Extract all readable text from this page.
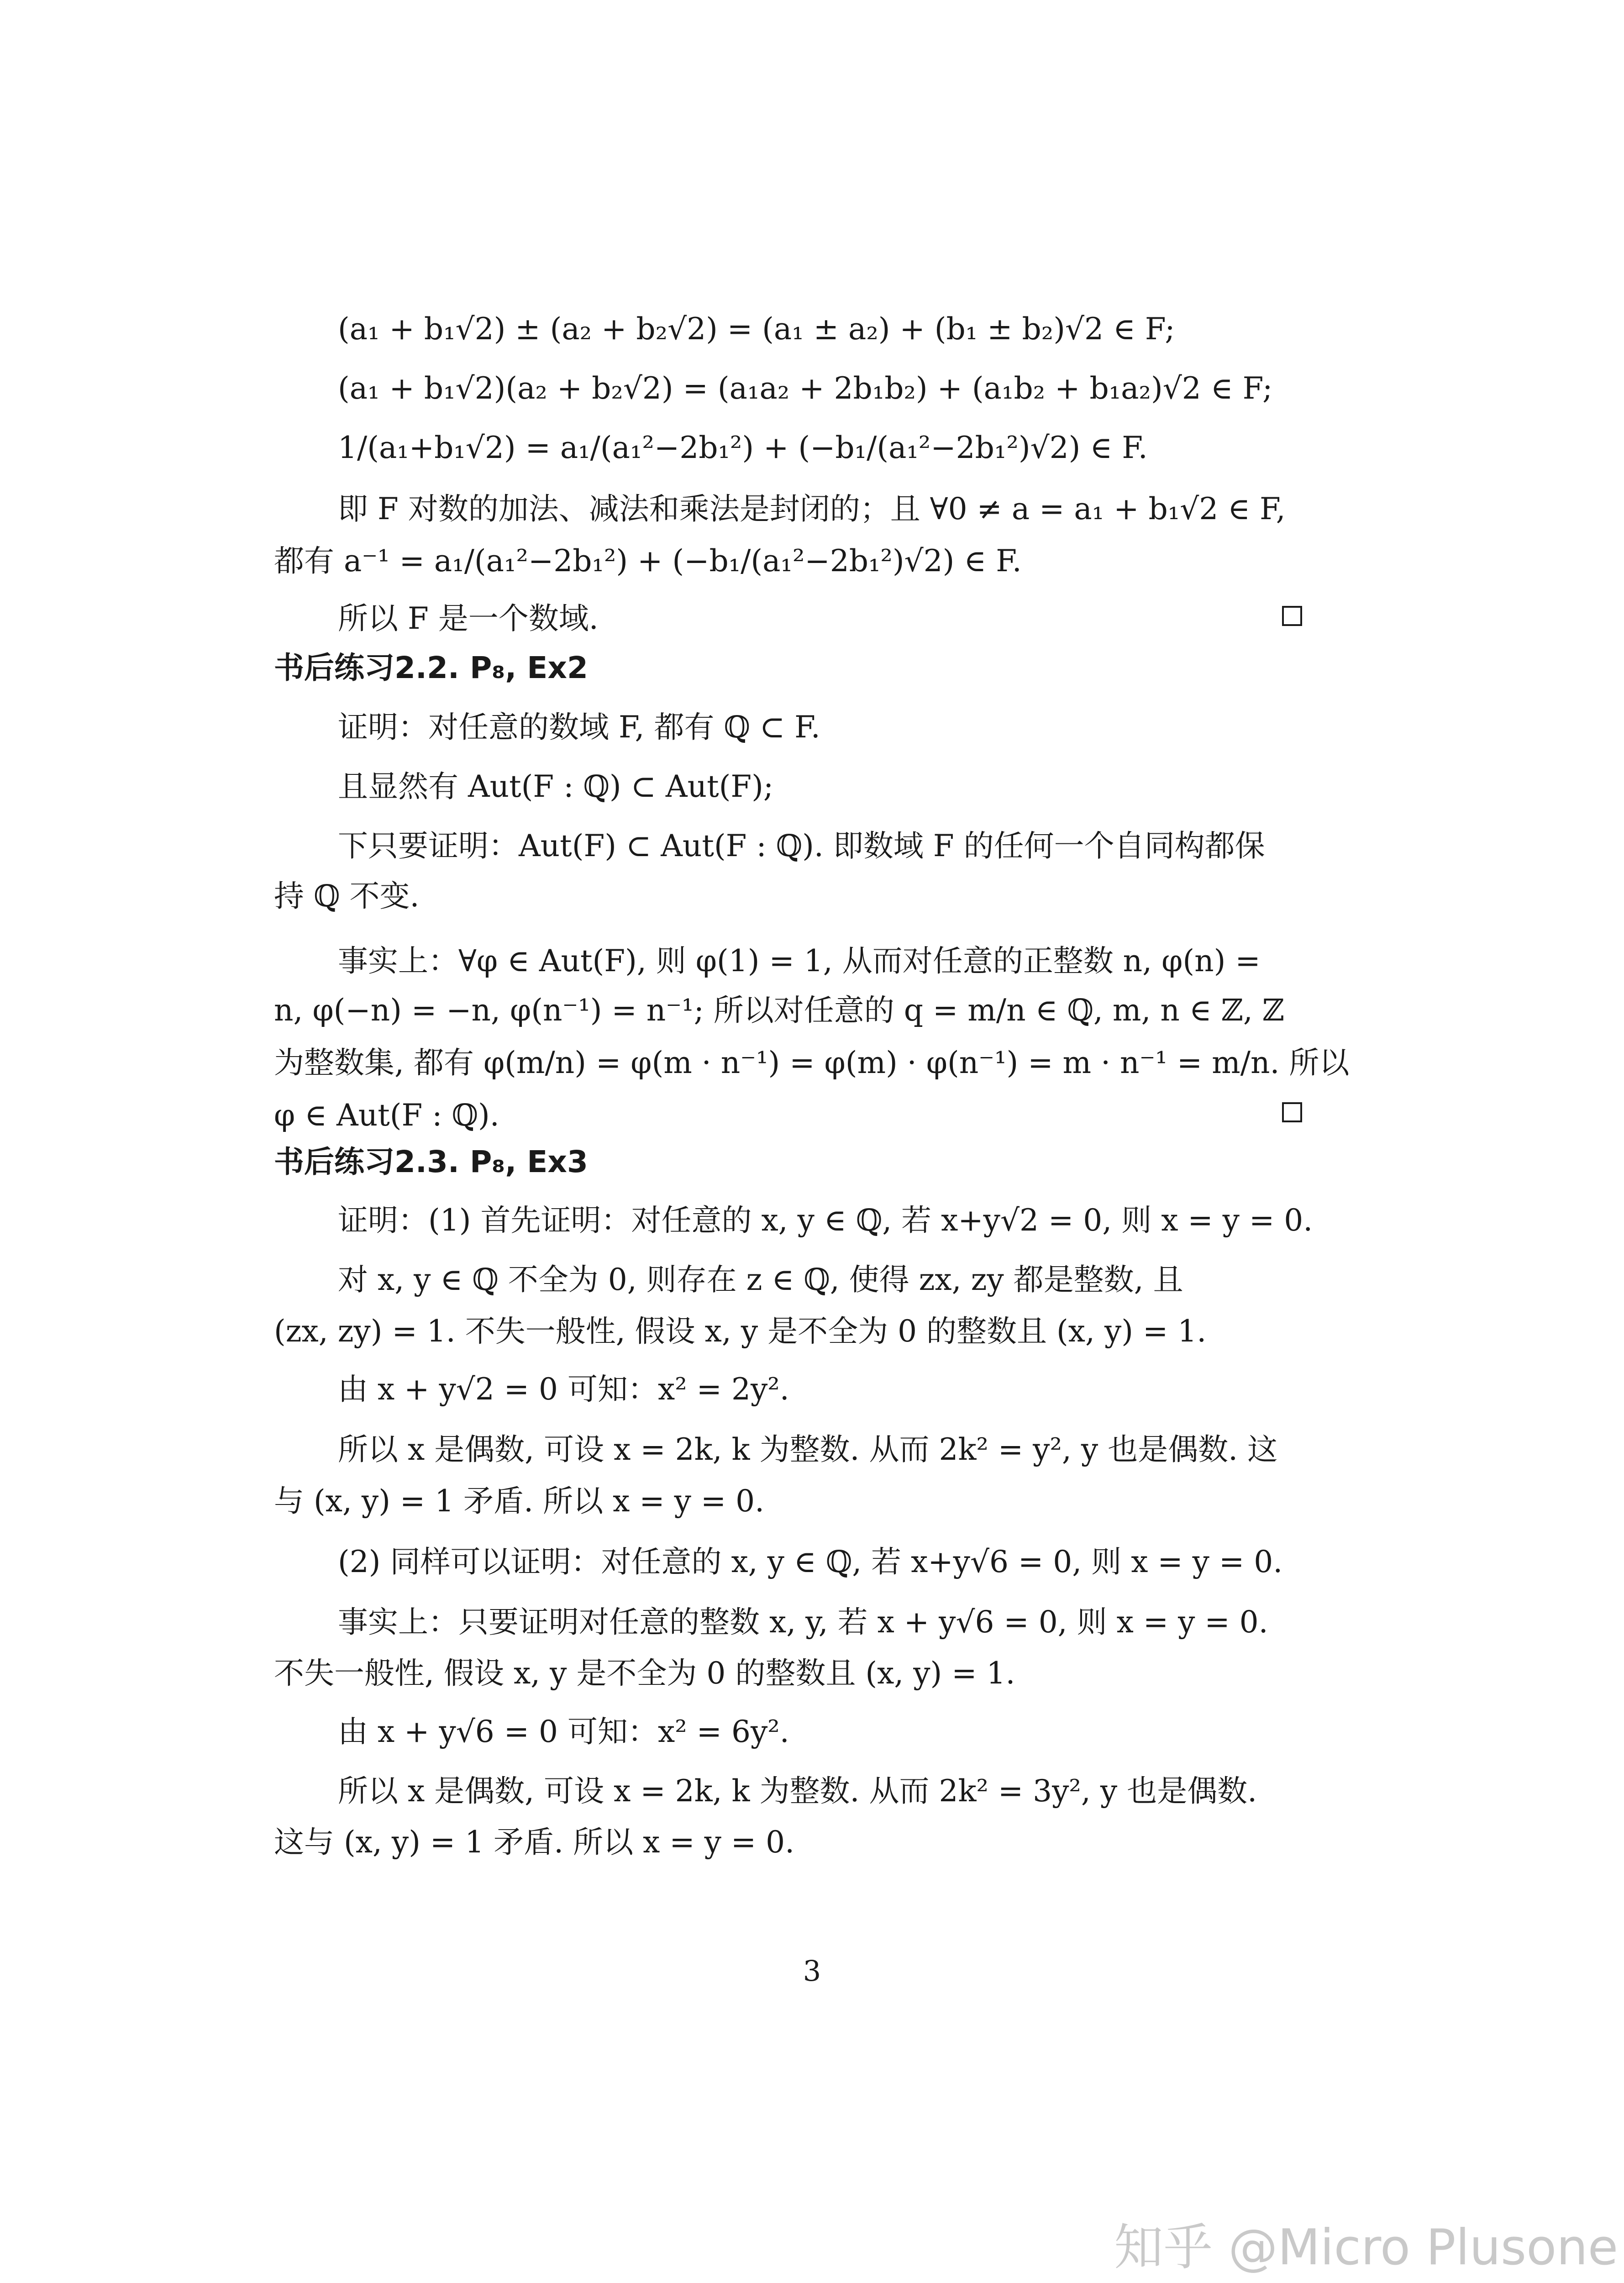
(a₁ + b₁√2) ± (a₂ + b₂√2) = (a₁ ± a₂) + (b₁ ± b₂)√2 ∈ F;
(a₁ + b₁√2)(a₂ + b₂√2) = (a₁a₂ + 2b₁b₂) + (a₁b₂ + b₁a₂)√2 ∈ F;
1/(a₁+b₁√2) = a₁/(a₁²−2b₁²) + (−b₁/(a₁²−2b₁²)√2) ∈ F.
即 F 对数的加法、减法和乘法是封闭的；且 ∀0 ≠ a = a₁ + b₁√2 ∈ F,
都有 a⁻¹ = a₁/(a₁²−2b₁²) + (−b₁/(a₁²−2b₁²)√2) ∈ F.
所以 F 是一个数域.
书后练习2.2. P₈, Ex2
证明：对任意的数域 F, 都有 ℚ ⊂ F.
且显然有 Aut(F : ℚ) ⊂ Aut(F);
下只要证明：Aut(F) ⊂ Aut(F : ℚ). 即数域 F 的任何一个自同构都保
持 ℚ 不变.
事实上：∀φ ∈ Aut(F), 则 φ(1) = 1, 从而对任意的正整数 n, φ(n) =
n, φ(−n) = −n, φ(n⁻¹) = n⁻¹; 所以对任意的 q = m/n ∈ ℚ, m, n ∈ ℤ, ℤ
为整数集, 都有 φ(m/n) = φ(m · n⁻¹) = φ(m) · φ(n⁻¹) = m · n⁻¹ = m/n. 所以
φ ∈ Aut(F : ℚ).
书后练习2.3. P₈, Ex3
证明：(1) 首先证明：对任意的 x, y ∈ ℚ, 若 x+y√2 = 0, 则 x = y = 0.
对 x, y ∈ ℚ 不全为 0, 则存在 z ∈ ℚ, 使得 zx, zy 都是整数, 且
(zx, zy) = 1. 不失一般性, 假设 x, y 是不全为 0 的整数且 (x, y) = 1.
由 x + y√2 = 0 可知：x² = 2y².
所以 x 是偶数, 可设 x = 2k, k 为整数. 从而 2k² = y², y 也是偶数. 这
与 (x, y) = 1 矛盾. 所以 x = y = 0.
(2) 同样可以证明：对任意的 x, y ∈ ℚ, 若 x+y√6 = 0, 则 x = y = 0.
事实上：只要证明对任意的整数 x, y, 若 x + y√6 = 0, 则 x = y = 0.
不失一般性, 假设 x, y 是不全为 0 的整数且 (x, y) = 1.
由 x + y√6 = 0 可知：x² = 6y².
所以 x 是偶数, 可设 x = 2k, k 为整数. 从而 2k² = 3y², y 也是偶数.
这与 (x, y) = 1 矛盾. 所以 x = y = 0.
3
知乎 @Micro Plusone
